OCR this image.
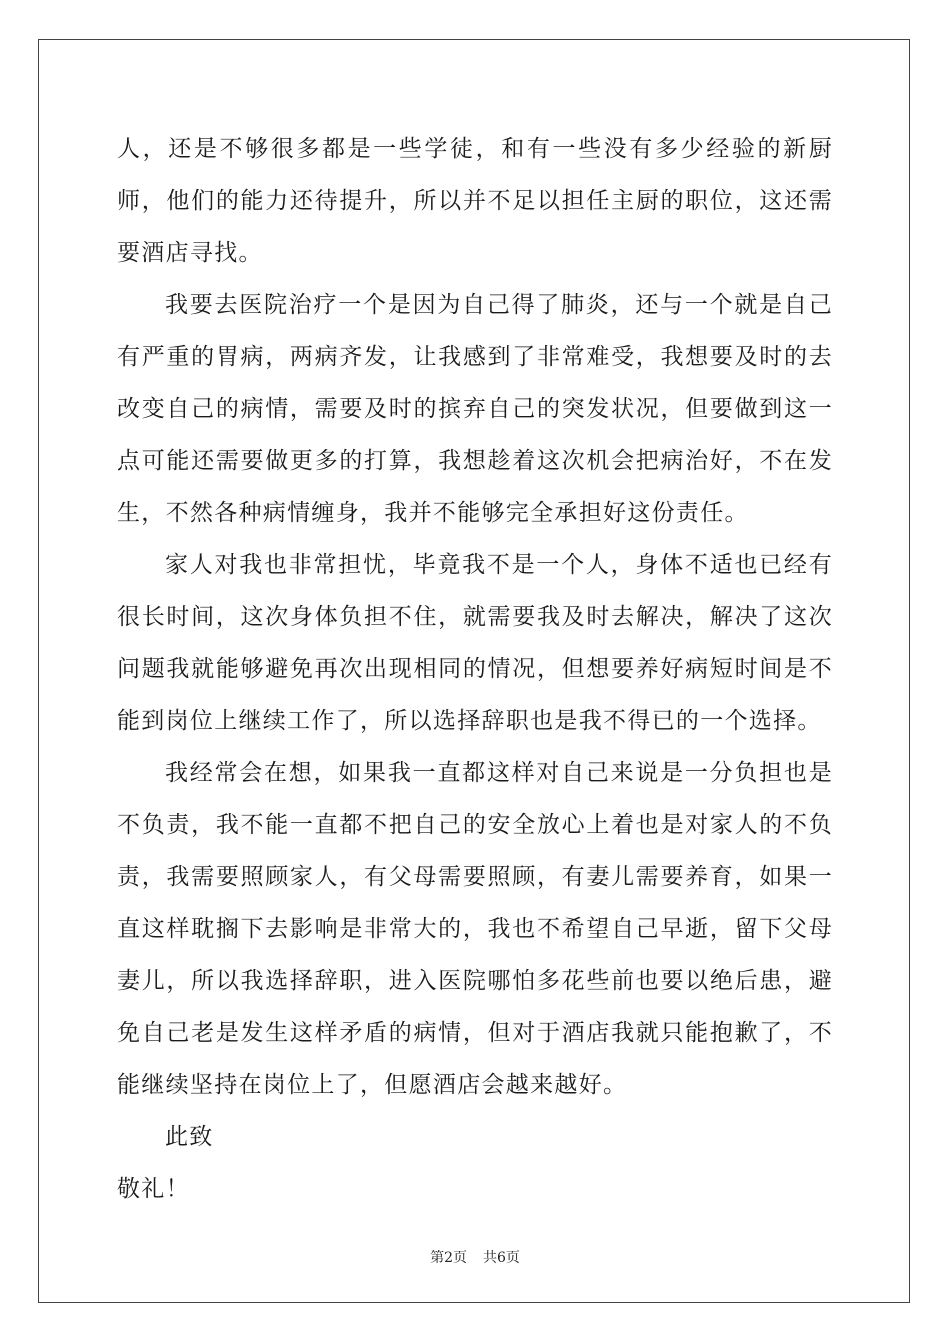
人，还是不够很多都是一些学徒，和有一些没有多少经验的新厨师，他们的能力还待提升，所以并不足以担任主厨的职位，这还需要酒店寻找。

我要去医院治疗一个是因为自己得了肺炎，还与一个就是自己有严重的胃病，两病齐发，让我感到了非常难受，我想要及时的去改变自己的病情，需要及时的摈弃自己的突发状况，但要做到这一点可能还需要做更多的打算，我想趁着这次机会把病治好，不在发生，不然各种病情缠身，我并不能够完全承担好这份责任。

家人对我也非常担忧，毕竟我不是一个人，身体不适也已经有很长时间，这次身体负担不住，就需要我及时去解决，解决了这次问题我就能够避免再次出现相同的情况，但想要养好病短时间是不能到岗位上继续工作了，所以选择辞职也是我不得已的一个选择。

我经常会在想，如果我一直都这样对自己来说是一分负担也是不负责，我不能一直都不把自己的安全放心上着也是对家人的不负责，我需要照顾家人，有父母需要照顾，有妻儿需要养育，如果一直这样耽搁下去影响是非常大的，我也不希望自己早逝，留下父母妻儿，所以我选择辞职，进入医院哪怕多花些前也要以绝后患，避免自己老是发生这样矛盾的病情，但对于酒店我就只能抱歉了，不能继续坚持在岗位上了，但愿酒店会越来越好。

此致

敬礼！

第2页 共6页
